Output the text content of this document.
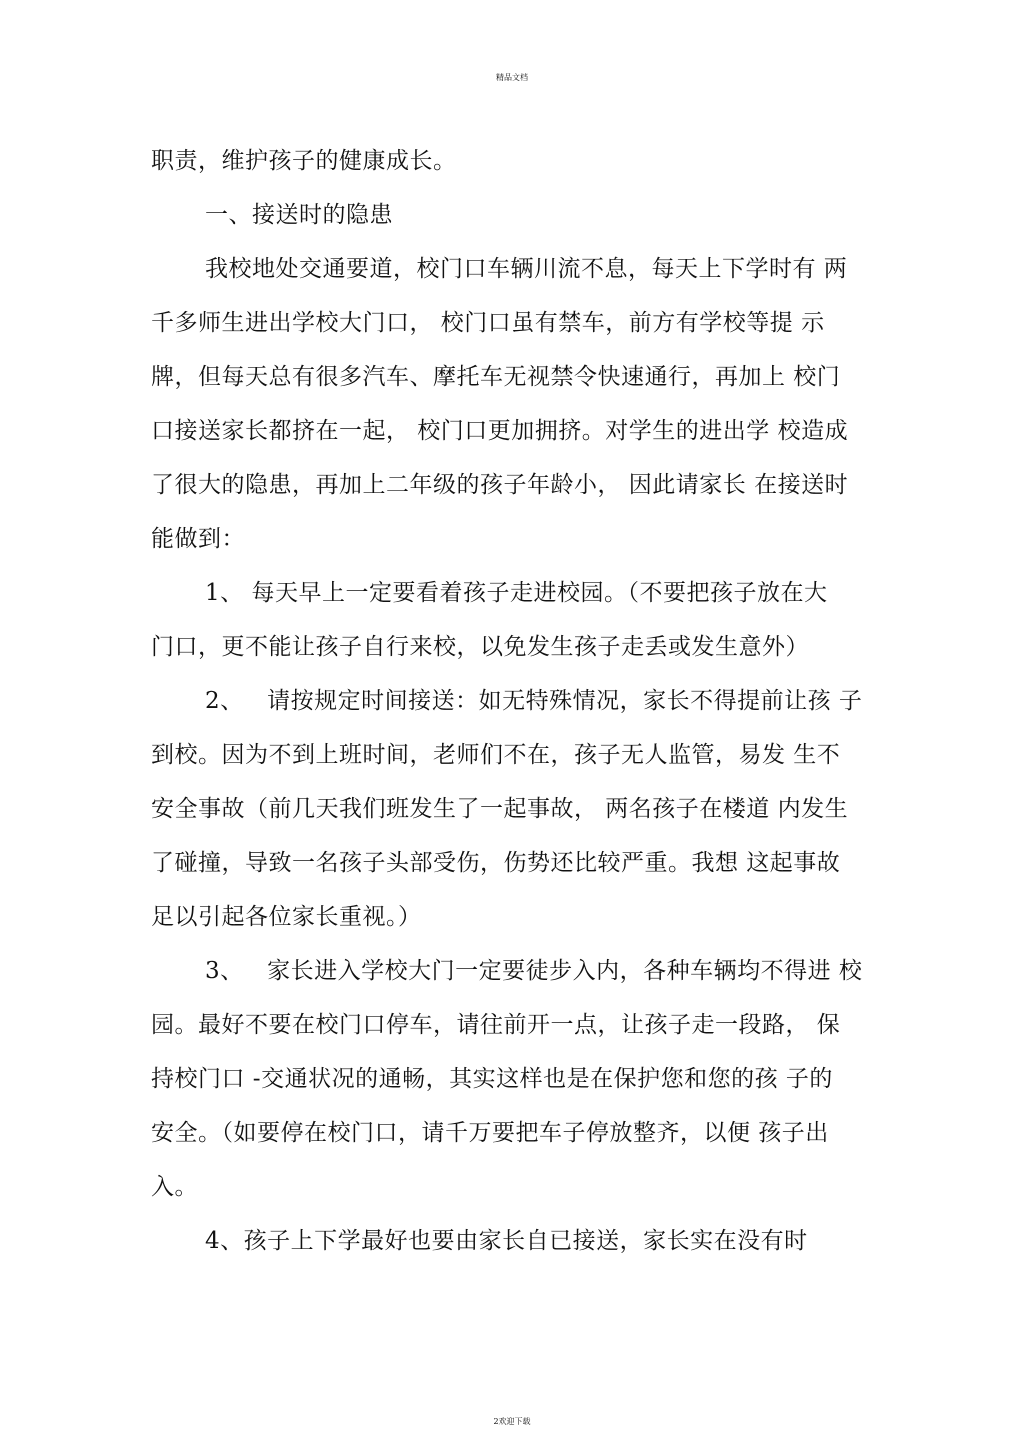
精品文档
职责，维护孩子的健康成长。
一、接送时的隐患
我校地处交通要道，校门口车辆川流不息，每天上下学时有 两
千多师生进出学校大门口， 校门口虽有禁车，前方有学校等提 示
牌，但每天总有很多汽车、摩托车无视禁令快速通行，再加上 校门
口接送家长都挤在一起， 校门口更加拥挤。对学生的进出学 校造成
了很大的隐患，再加上二年级的孩子年龄小， 因此请家长 在接送时
能做到：
1、 每天早上一定要看着孩子走进校园。（不要把孩子放在大
门口，更不能让孩子自行来校，以免发生孩子走丢或发生意外）
2、   请按规定时间接送：如无特殊情况，家长不得提前让孩 子
到校。因为不到上班时间，老师们不在，孩子无人监管，易发 生不
安全事故（前几天我们班发生了一起事故， 两名孩子在楼道 内发生
了碰撞，导致一名孩子头部受伤，伤势还比较严重。我想 这起事故
足以引起各位家长重视。）
3、   家长进入学校大门一定要徒步入内，各种车辆均不得进 校
园。最好不要在校门口停车，请往前开一点，让孩子走一段路， 保
持校门口 -交通状况的通畅，其实这样也是在保护您和您的孩 子的
安全。（如要停在校门口，请千万要把车子停放整齐，以便 孩子出
入。
4、孩子上下学最好也要由家长自已接送，家长实在没有时
2欢迎下载
